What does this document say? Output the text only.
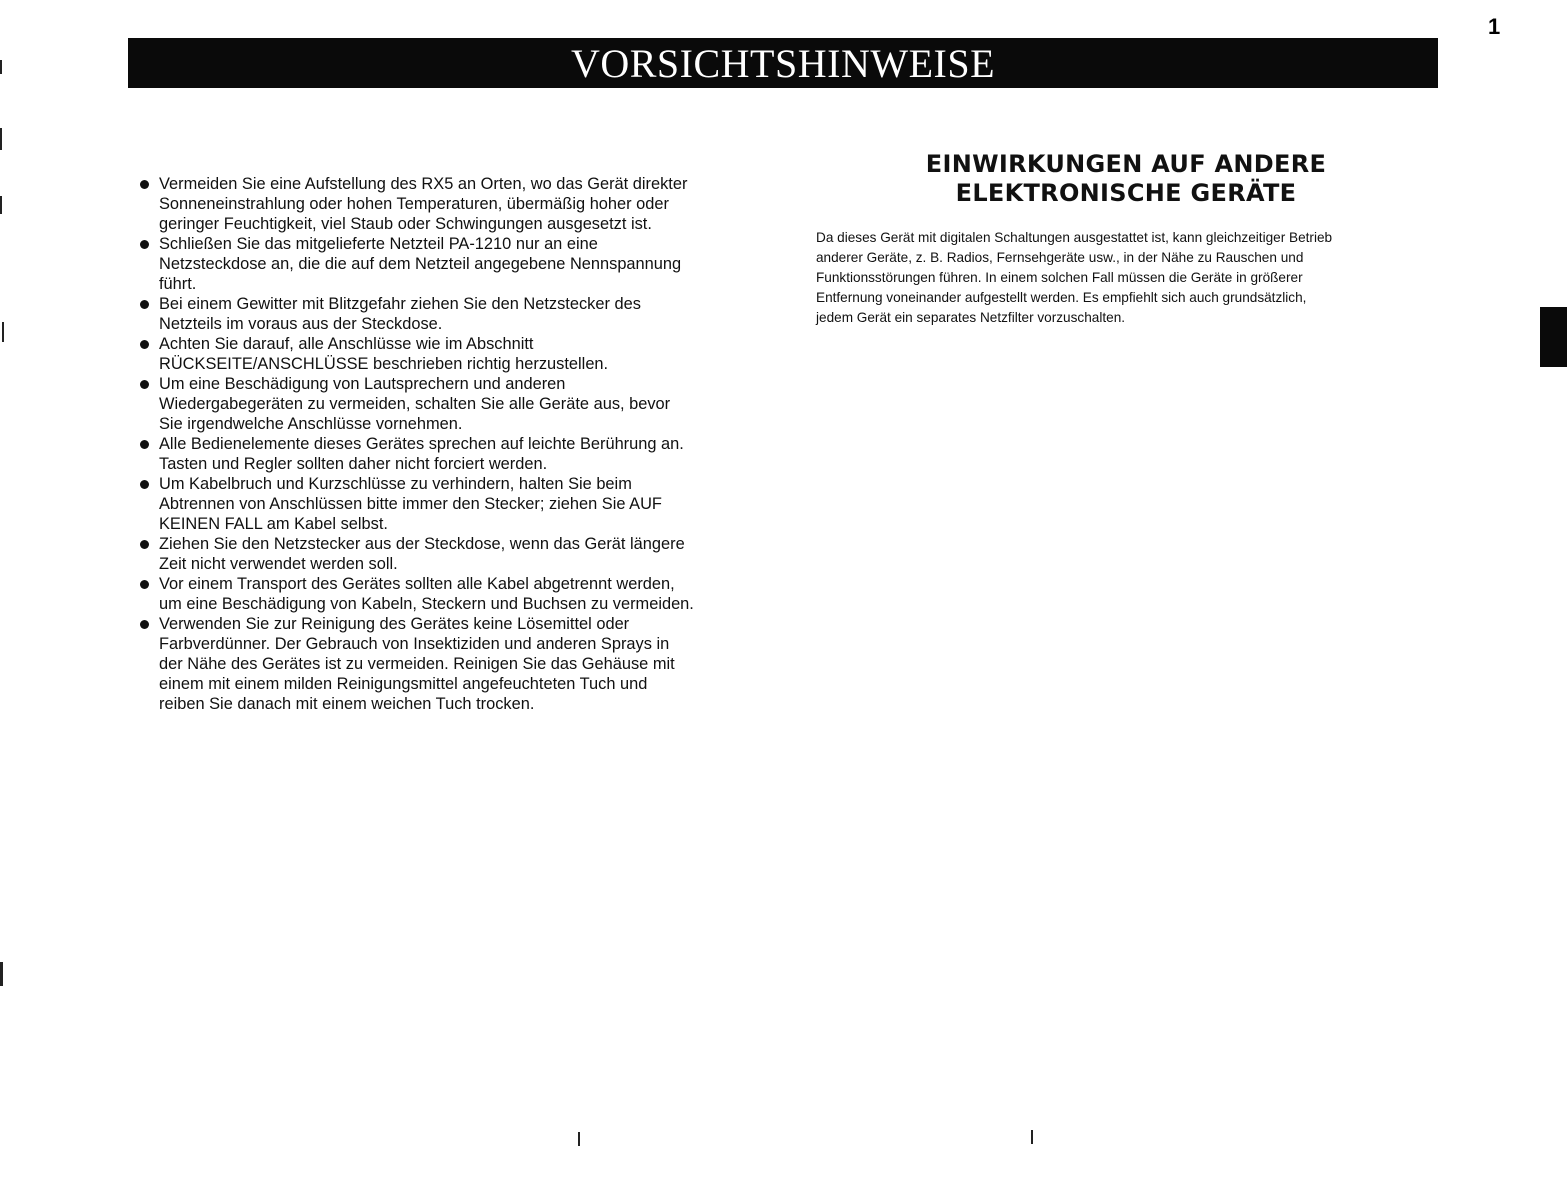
1
VORSICHTSHINWEISE
Vermeiden Sie eine Aufstellung des RX5 an Orten, wo das Gerät direkter
Sonneneinstrahlung oder hohen Temperaturen, übermäßig hoher oder
geringer Feuchtigkeit, viel Staub oder Schwingungen ausgesetzt ist.
Schließen Sie das mitgelieferte Netzteil PA-1210 nur an eine
Netzsteckdose an, die die auf dem Netzteil angegebene Nennspannung
führt.
Bei einem Gewitter mit Blitzgefahr ziehen Sie den Netzstecker des
Netzteils im voraus aus der Steckdose.
Achten Sie darauf, alle Anschlüsse wie im Abschnitt
RÜCKSEITE/ANSCHLÜSSE beschrieben richtig herzustellen.
Um eine Beschädigung von Lautsprechern und anderen
Wiedergabegeräten zu vermeiden, schalten Sie alle Geräte aus, bevor
Sie irgendwelche Anschlüsse vornehmen.
Alle Bedienelemente dieses Gerätes sprechen auf leichte Berührung an.
Tasten und Regler sollten daher nicht forciert werden.
Um Kabelbruch und Kurzschlüsse zu verhindern, halten Sie beim
Abtrennen von Anschlüssen bitte immer den Stecker; ziehen Sie AUF
KEINEN FALL am Kabel selbst.
Ziehen Sie den Netzstecker aus der Steckdose, wenn das Gerät längere
Zeit nicht verwendet werden soll.
Vor einem Transport des Gerätes sollten alle Kabel abgetrennt werden,
um eine Beschädigung von Kabeln, Steckern und Buchsen zu vermeiden.
Verwenden Sie zur Reinigung des Gerätes keine Lösemittel oder
Farbverdünner. Der Gebrauch von Insektiziden und anderen Sprays in
der Nähe des Gerätes ist zu vermeiden. Reinigen Sie das Gehäuse mit
einem mit einem milden Reinigungsmittel angefeuchteten Tuch und
reiben Sie danach mit einem weichen Tuch trocken.
EINWIRKUNGEN AUF ANDERE
ELEKTRONISCHE GERÄTE

Da dieses Gerät mit digitalen Schaltungen ausgestattet ist, kann gleichzeitiger Betrieb
anderer Geräte, z. B. Radios, Fernsehgeräte usw., in der Nähe zu Rauschen und
Funktionsstörungen führen. In einem solchen Fall müssen die Geräte in größerer
Entfernung voneinander aufgestellt werden. Es empfiehlt sich auch grundsätzlich,
jedem Gerät ein separates Netzfilter vorzuschalten.
